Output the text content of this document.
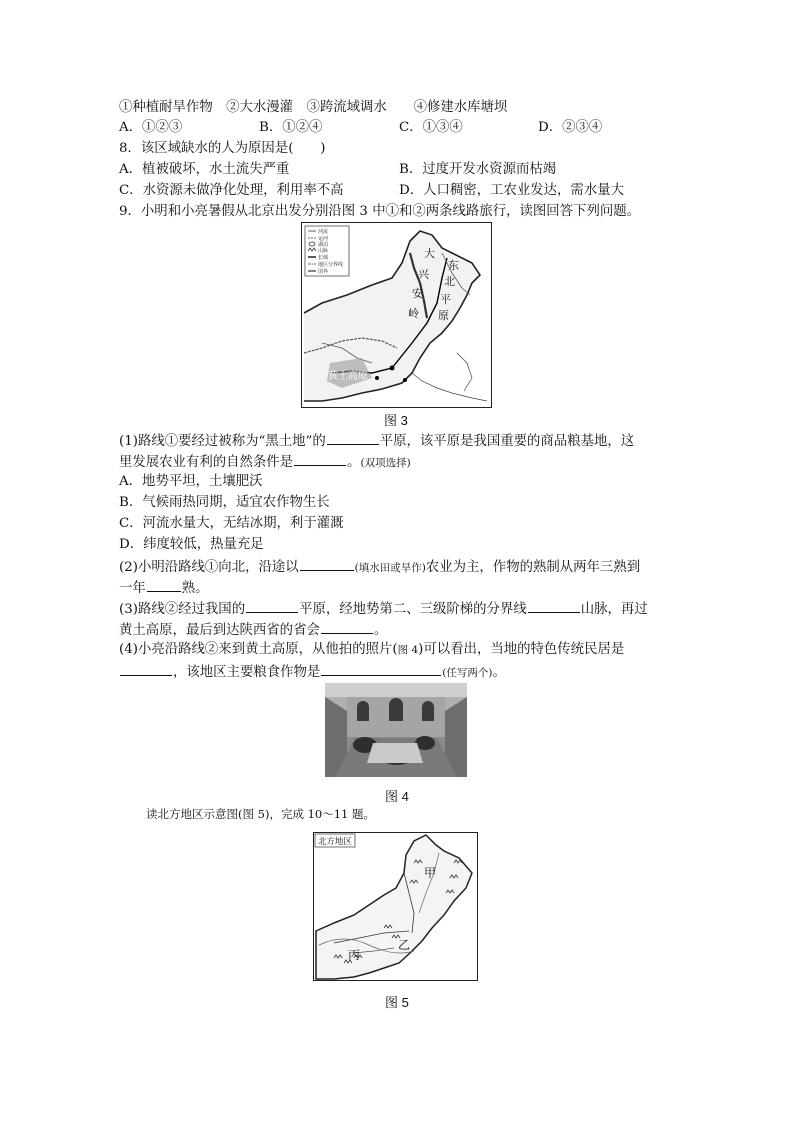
①种植耐旱作物　②大水漫灌　③跨流域调水　　④修建水库塘坝
A．①②③	B．①②④	C．①③④	D．②③④
8．该区域缺水的人为原因是(　　)
A．植被破坏，水土流失严重	B．过度开发水资源而枯竭
C．水资源未做净化处理，利用率不高	D．人口稠密，工农业发达，需水量大
9．小明和小亮暑假从北京出发分别沿图 3 中①和②两条线路旅行，读图回答下列问题。
大
兴
安
岭
东
北
平
原
黄土高原
河流
运河
湖泊
山脉
长城
地区分界线
国界
图 3
(1)路线①要经过被称为“黑土地”的	平原，该平原是我国重要的商品粮基地，这
里发展农业有利的自然条件是	。(双项选择)
A．地势平坦，土壤肥沃
B．气候雨热同期，适宜农作物生长
C．河流水量大，无结冰期，利于灌溉
D．纬度较低，热量充足
(2)小明沿路线①向北，沿途以	(填水田或旱作)农业为主，作物的熟制从两年三熟到
一年	熟。
(3)路线②经过我国的	平原，经地势第二、三级阶梯的分界线	山脉，再过
黄土高原，最后到达陕西省的省会	。
(4)小亮沿路线②来到黄土高原，从他拍的照片(图 4)可以看出，当地的特色传统民居是
，该地区主要粮食作物是	(任写两个)。
图 4
读北方地区示意图(图 5)，完成 10～11 题。
北方地区
甲
乙
丙
图 5
